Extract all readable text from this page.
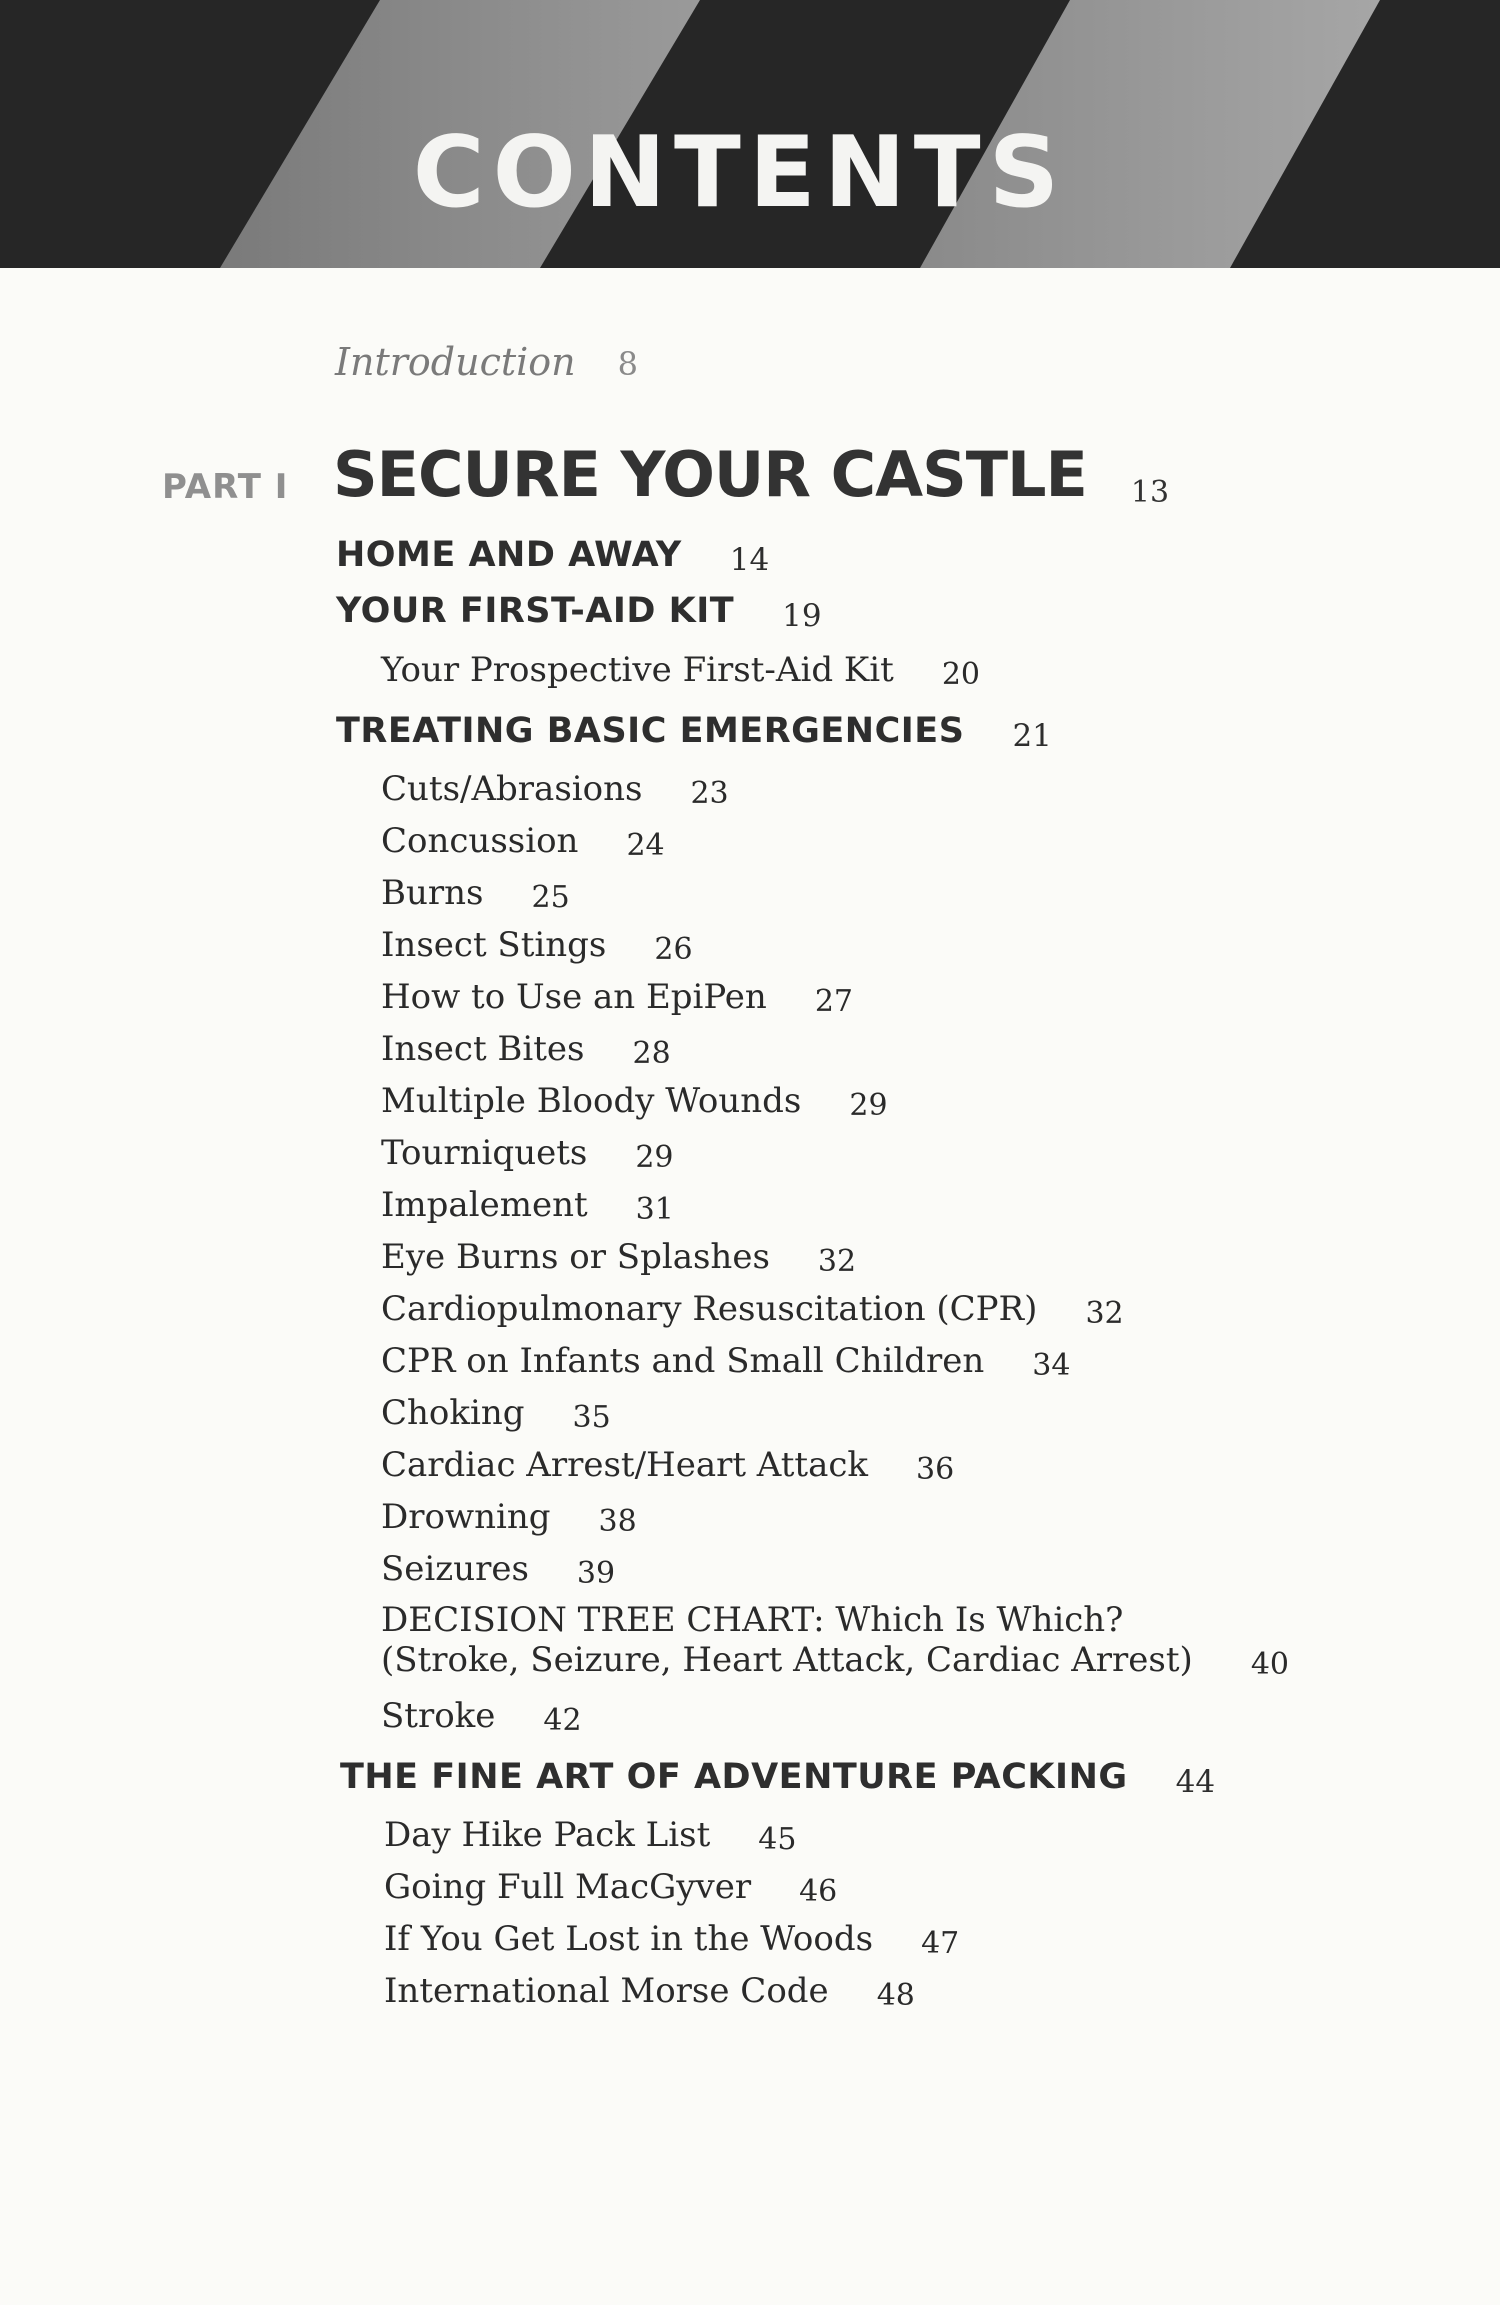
CONTENTS
Introduction 8
PART I SECURE YOUR CASTLE 13
HOME AND AWAY 14
YOUR FIRST-AID KIT 19
Your Prospective First-Aid Kit 20
TREATING BASIC EMERGENCIES 21
Cuts/Abrasions 23
Concussion 24
Burns 25
Insect Stings 26
How to Use an EpiPen 27
Insect Bites 28
Multiple Bloody Wounds 29
Tourniquets 29
Impalement 31
Eye Burns or Splashes 32
Cardiopulmonary Resuscitation (CPR) 32
CPR on Infants and Small Children 34
Choking 35
Cardiac Arrest/Heart Attack 36
Drowning 38
Seizures 39
DECISION TREE CHART: Which Is Which?
(Stroke, Seizure, Heart Attack, Cardiac Arrest) 40
Stroke 42
THE FINE ART OF ADVENTURE PACKING 44
Day Hike Pack List 45
Going Full MacGyver 46
If You Get Lost in the Woods 47
International Morse Code 48
